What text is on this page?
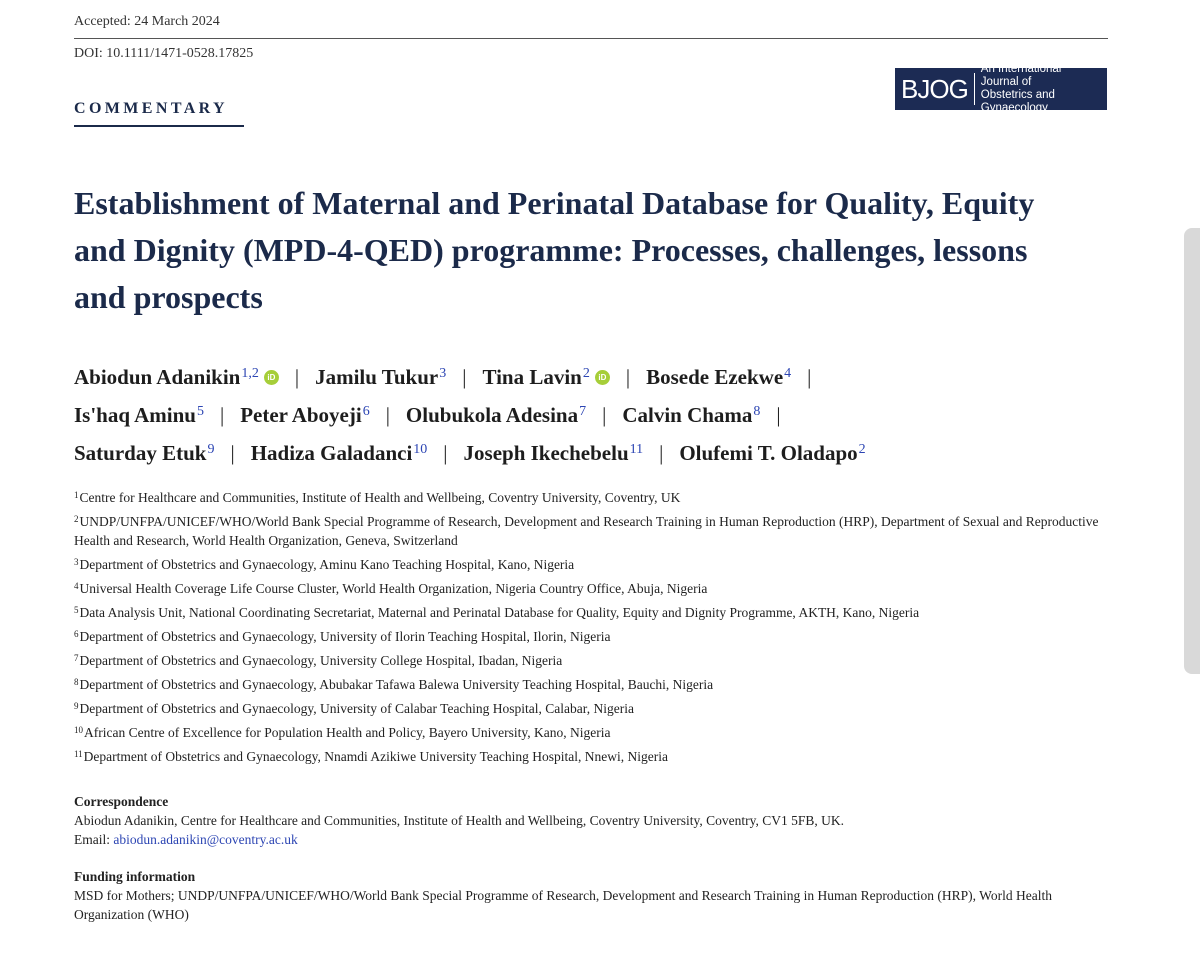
Accepted: 24 March 2024
DOI: 10.1111/1471-0528.17825
COMMENTARY
BJOG
An International Journal of
Obstetrics and Gynaecology
Establishment of Maternal and Perinatal Database for Quality, Equity and Dignity (MPD-4-QED) programme: Processes, challenges, lessons and prospects
Abiodun Adanikin$^{1,2}$ iD | Jamilu Tukur$^3$ | Tina Lavin$^2$ iD | Bosede Ezekwe$^4$ |
Is'haq Aminu$^5$ | Peter Aboyeji$^6$ | Olubukola Adesina$^7$ | Calvin Chama$^8$ |
Saturday Etuk$^9$ | Hadiza Galadanci$^{10}$ | Joseph Ikechebelu$^{11}$ | Olufemi T. Oladapo$^2$
$^1$Centre for Healthcare and Communities, Institute of Health and Wellbeing, Coventry University, Coventry, UK
$^2$UNDP/UNFPA/UNICEF/WHO/World Bank Special Programme of Research, Development and Research Training in Human Reproduction (HRP), Department of Sexual and Reproductive Health and Research, World Health Organization, Geneva, Switzerland
$^3$Department of Obstetrics and Gynaecology, Aminu Kano Teaching Hospital, Kano, Nigeria
$^4$Universal Health Coverage Life Course Cluster, World Health Organization, Nigeria Country Office, Abuja, Nigeria
$^5$Data Analysis Unit, National Coordinating Secretariat, Maternal and Perinatal Database for Quality, Equity and Dignity Programme, AKTH, Kano, Nigeria
$^6$Department of Obstetrics and Gynaecology, University of Ilorin Teaching Hospital, Ilorin, Nigeria
$^7$Department of Obstetrics and Gynaecology, University College Hospital, Ibadan, Nigeria
$^8$Department of Obstetrics and Gynaecology, Abubakar Tafawa Balewa University Teaching Hospital, Bauchi, Nigeria
$^9$Department of Obstetrics and Gynaecology, University of Calabar Teaching Hospital, Calabar, Nigeria
$^{10}$African Centre of Excellence for Population Health and Policy, Bayero University, Kano, Nigeria
$^{11}$Department of Obstetrics and Gynaecology, Nnamdi Azikiwe University Teaching Hospital, Nnewi, Nigeria
Correspondence
Abiodun Adanikin, Centre for Healthcare and Communities, Institute of Health and Wellbeing, Coventry University, Coventry, CV1 5FB, UK.
Email: abiodun.adanikin@coventry.ac.uk
Funding information
MSD for Mothers; UNDP/UNFPA/UNICEF/WHO/World Bank Special Programme of Research, Development and Research Training in Human Reproduction (HRP), World Health Organization (WHO)
